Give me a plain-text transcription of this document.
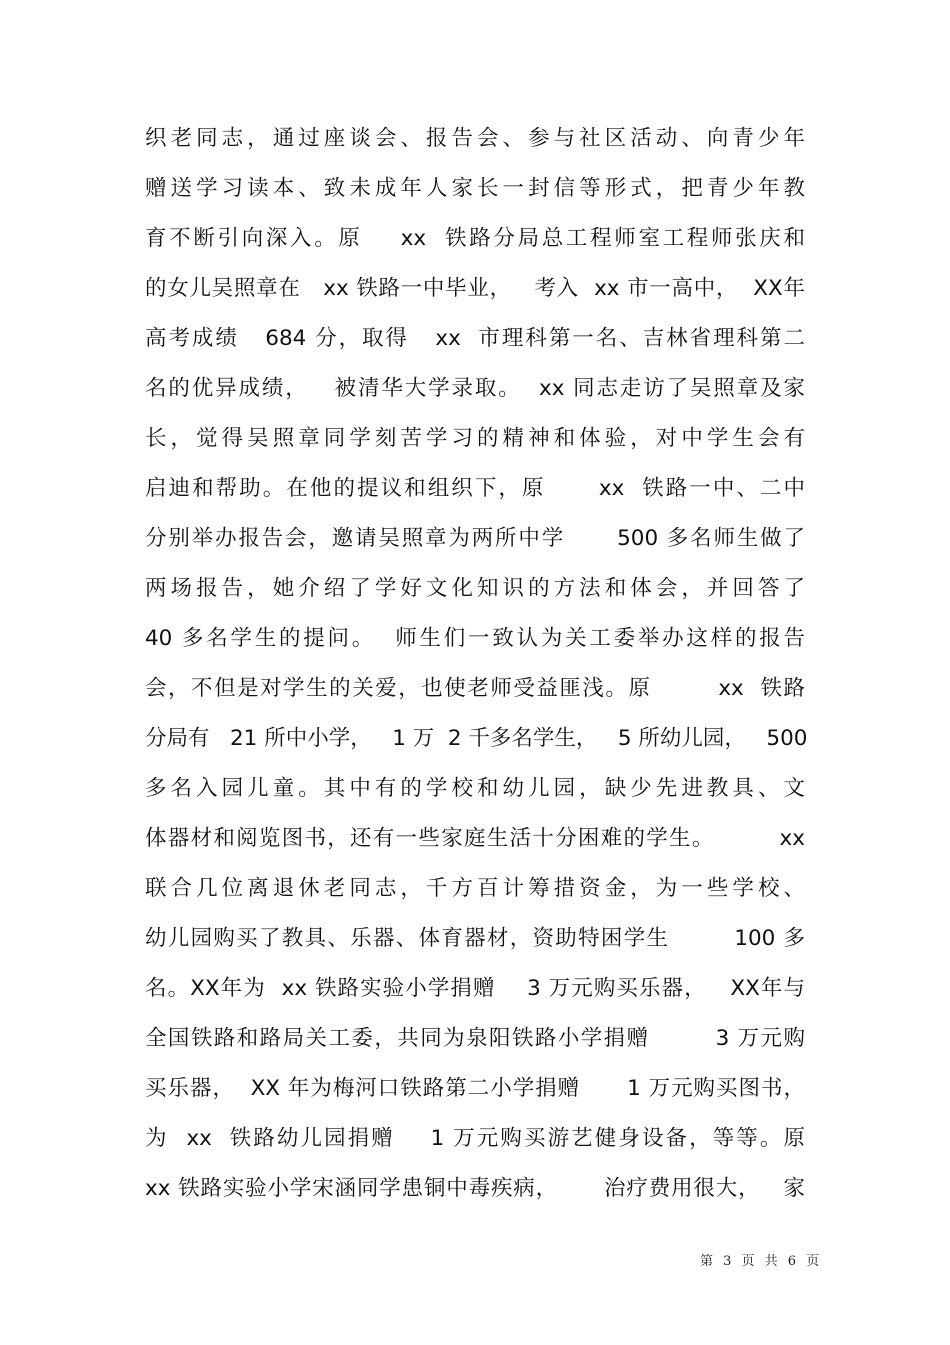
织老同志，通过座谈会、报告会、参与社区活动、向青少年

赠送学习读本、致未成年人家长一封信等形式，把青少年教

育不断引向深入。原    xx  铁路分局总工程师室工程师张庆和

的女儿吴照章在   xx 铁路一中毕业，   考入  xx 市一高中，  XX年

高考成绩   684 分，取得   xx  市理科第一名、吉林省理科第二

名的优异成绩，   被清华大学录取。  xx 同志走访了吴照章及家

长，觉得吴照章同学刻苦学习的精神和体验，对中学生会有

启迪和帮助。在他的提议和组织下，原      xx  铁路一中、二中

分别举办报告会，邀请吴照章为两所中学      500 多名师生做了

两场报告，她介绍了学好文化知识的方法和体会，并回答了

40 多名学生的提问。  师生们一致认为关工委举办这样的报告

会，不但是对学生的关爱，也使老师受益匪浅。原        xx  铁路

分局有   21 所中小学，   1 万  2 千多名学生，   5 所幼儿园，   500

多名入园儿童。其中有的学校和幼儿园，缺少先进教具、文

体器材和阅览图书，还有一些家庭生活十分困难的学生。        xx

联合几位离退休老同志，千方百计筹措资金，为一些学校、

幼儿园购买了教具、乐器、体育器材，资助特困学生        100 多

名。XX年为  xx 铁路实验小学捐赠    3 万元购买乐器，   XX年与

全国铁路和路局关工委，共同为泉阳铁路小学捐赠        3 万元购

买乐器，  XX 年为梅河口铁路第二小学捐赠      1 万元购买图书，

为  xx  铁路幼儿园捐赠    1 万元购买游艺健身设备，等等。原

xx 铁路实验小学宋涵同学患铜中毒疾病，      治疗费用很大，   家

第 3 页 共 6 页
